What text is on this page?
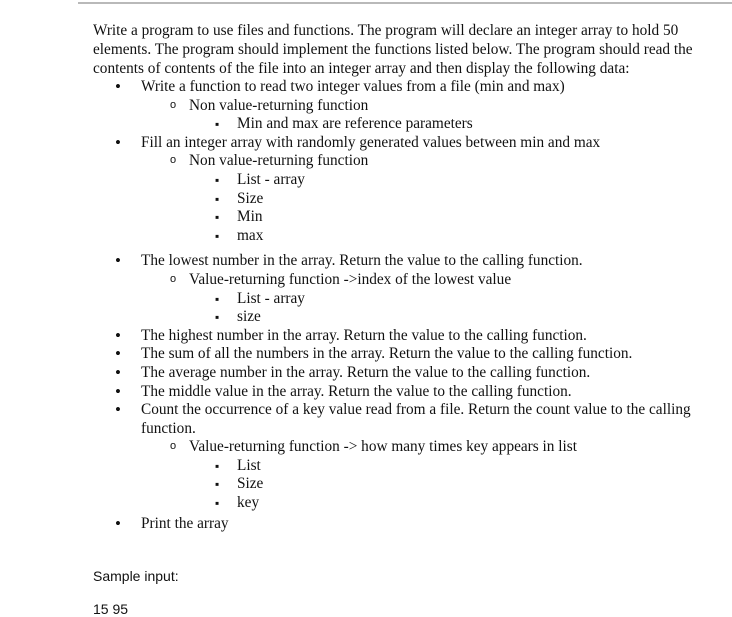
Write a program to use files and functions. The program will declare an integer array to hold 50 elements. The program should implement the functions listed below. The program should read the contents of contents of the file into an integer array and then display the following data:

• Write a function to read two integer values from a file (min and max)
o Non value-returning function
▪ Min and max are reference parameters
• Fill an integer array with randomly generated values between min and max
o Non value-returning function
▪ List - array
▪ Size
▪ Min
▪ max
• The lowest number in the array. Return the value to the calling function.
o Value-returning function ->index of the lowest value
▪ List - array
▪ size
• The highest number in the array. Return the value to the calling function.
• The sum of all the numbers in the array. Return the value to the calling function.
• The average number in the array. Return the value to the calling function.
• The middle value in the array. Return the value to the calling function.
• Count the occurrence of a key value read from a file. Return the count value to the calling
function.
o Value-returning function -> how many times key appears in list
▪ List
▪ Size
▪ key
• Print the array
Sample input:
15 95
